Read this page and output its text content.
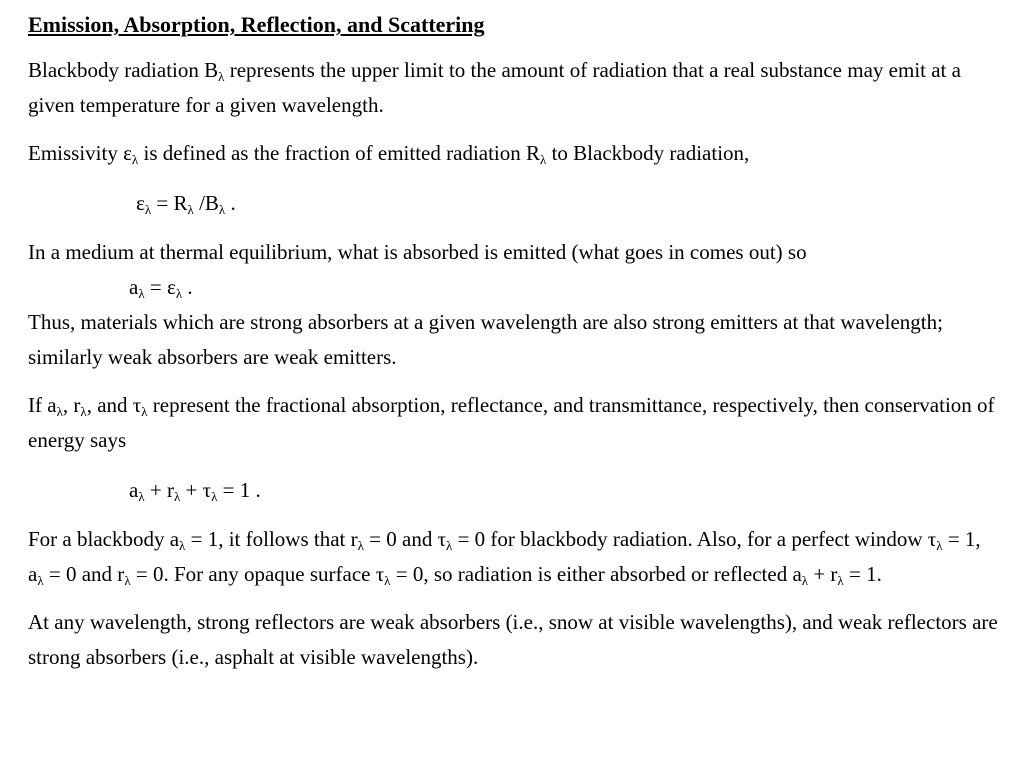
Emission, Absorption, Reflection, and Scattering

Blackbody radiation $B_\lambda$ represents the upper limit to the amount of radiation that a real substance may emit at a given temperature for a given wavelength.

Emissivity $\varepsilon_\lambda$ is defined as the fraction of emitted radiation $R_\lambda$ to Blackbody radiation,

$\varepsilon_\lambda = R_\lambda$ $/B_\lambda$ .

In a medium at thermal equilibrium, what is absorbed is emitted (what goes in comes out) so

$a_\lambda = \varepsilon_\lambda$ .

Thus, materials which are strong absorbers at a given wavelength are also strong emitters at that wavelength; similarly weak absorbers are weak emitters.

If $a_\lambda$, $r_\lambda$, and $\tau_\lambda$ represent the fractional absorption, reflectance, and transmittance, respectively, then conservation of energy says

$a_\lambda + r_\lambda + \tau_\lambda = 1$ .

For a blackbody $a_\lambda = 1$, it follows that $r_\lambda = 0$ and $\tau_\lambda = 0$ for blackbody radiation. Also, for a perfect window $\tau_\lambda = 1$, $a_\lambda = 0$ and $r_\lambda = 0$. For any opaque surface $\tau_\lambda = 0$, so radiation is either absorbed or reflected $a_\lambda + r_\lambda = 1$.

At any wavelength, strong reflectors are weak absorbers (i.e., snow at visible wavelengths), and weak reflectors are strong absorbers (i.e., asphalt at visible wavelengths).
